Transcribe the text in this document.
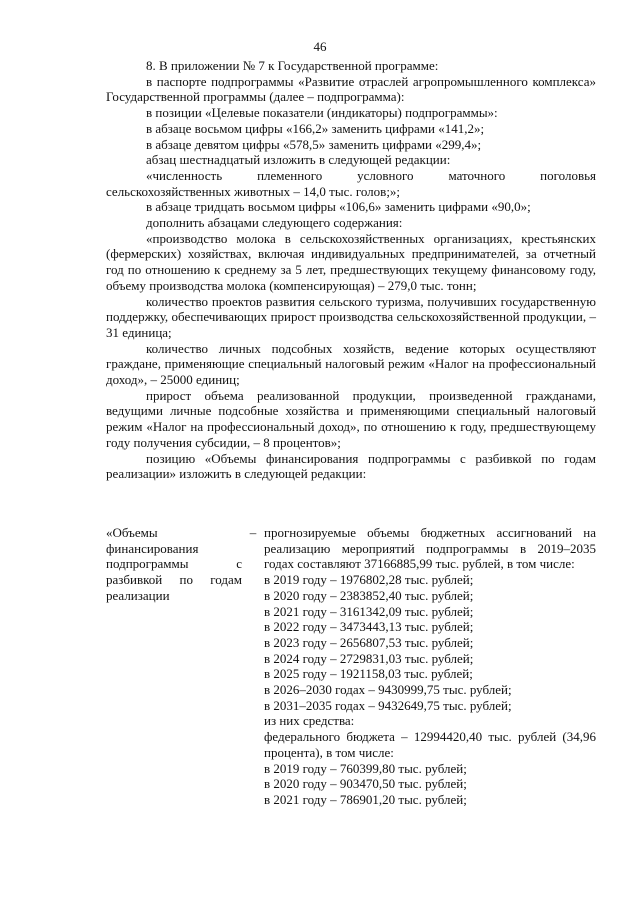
46

8. В приложении № 7 к Государственной программе:

в паспорте подпрограммы «Развитие отраслей агропромышленного комплекса» Государственной программы (далее – подпрограмма):

в позиции «Целевые показатели (индикаторы) подпрограммы»:

в абзаце восьмом цифры «166,2» заменить цифрами «141,2»;

в абзаце девятом цифры «578,5» заменить цифрами «299,4»;

абзац шестнадцатый изложить в следующей редакции:

«численность племенного условного маточного поголовья сельскохозяйственных животных – 14,0 тыс. голов;»;

в абзаце тридцать восьмом цифры «106,6» заменить цифрами «90,0»;

дополнить абзацами следующего содержания:

«производство молока в сельскохозяйственных организациях, крестьянских (фермерских) хозяйствах, включая индивидуальных предпринимателей, за отчетный год по отношению к среднему за 5 лет, предшествующих текущему финансовому году, объему производства молока (компенсирующая) – 279,0 тыс. тонн;

количество проектов развития сельского туризма, получивших государственную поддержку, обеспечивающих прирост производства сельскохозяйственной продукции, – 31 единица;

количество личных подсобных хозяйств, ведение которых осуществляют граждане, применяющие специальный налоговый режим «Налог на профессиональный доход», – 25000 единиц;

прирост объема реализованной продукции, произведенной гражданами, ведущими личные подсобные хозяйства и применяющими специальный налоговый режим «Налог на профессиональный доход», по отношению к году, предшествующему году получения субсидии, – 8 процентов»;

позицию «Объемы финансирования подпрограммы с разбивкой по годам реализации» изложить в следующей редакции:

«Объемы финансирования подпрограммы с разбивкой по годам реализации
– прогнозируемые объемы бюджетных ассигнований на реализацию мероприятий подпрограммы в 2019–2035 годах составляют 37166885,99 тыс. рублей, в том числе:

в 2019 году – 1976802,28 тыс. рублей;

в 2020 году – 2383852,40 тыс. рублей;

в 2021 году – 3161342,09 тыс. рублей;

в 2022 году – 3473443,13 тыс. рублей;

в 2023 году – 2656807,53 тыс. рублей;

в 2024 году – 2729831,03 тыс. рублей;

в 2025 году – 1921158,03 тыс. рублей;

в 2026–2030 годах – 9430999,75 тыс. рублей;

в 2031–2035 годах – 9432649,75 тыс. рублей;

из них средства:

федерального бюджета – 12994420,40 тыс. рублей (34,96 процента), в том числе:

в 2019 году – 760399,80 тыс. рублей;

в 2020 году – 903470,50 тыс. рублей;

в 2021 году – 786901,20 тыс. рублей;
